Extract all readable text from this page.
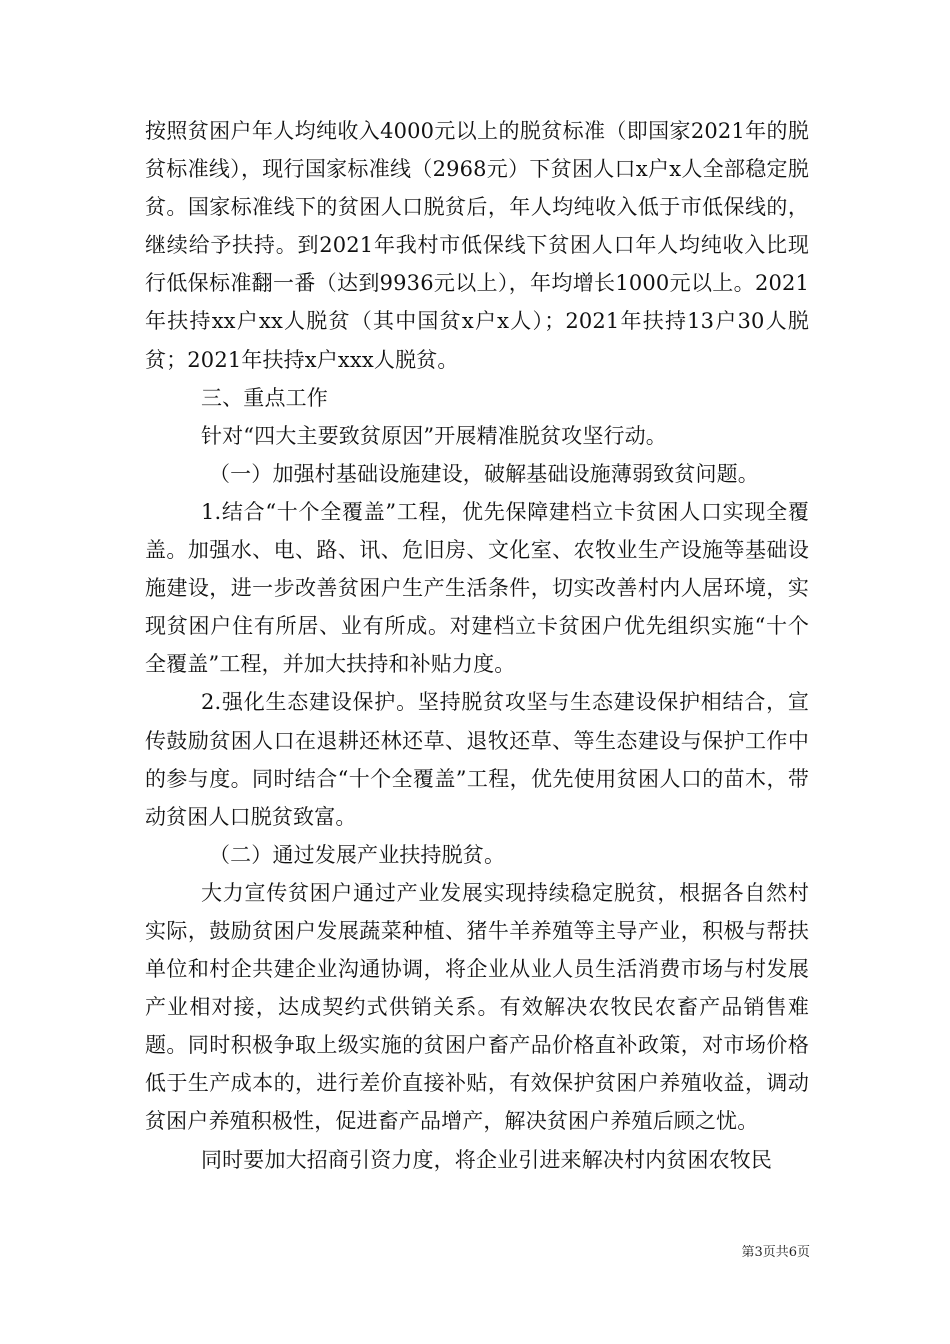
按照贫困户年人均纯收入4000元以上的脱贫标准（即国家2021年的脱贫标准线），现行国家标准线（2968元）下贫困人口x户x人全部稳定脱贫。国家标准线下的贫困人口脱贫后，年人均纯收入低于市低保线的，继续给予扶持。到2021年我村市低保线下贫困人口年人均纯收入比现行低保标准翻一番（达到9936元以上），年均增长1000元以上。2021年扶持xx户xx人脱贫（其中国贫x户x人）；2021年扶持13户30人脱贫；2021年扶持x户xxx人脱贫。

三、重点工作

针对“四大主要致贫原因”开展精准脱贫攻坚行动。

（一）加强村基础设施建设，破解基础设施薄弱致贫问题。

1.结合“十个全覆盖”工程，优先保障建档立卡贫困人口实现全覆盖。加强水、电、路、讯、危旧房、文化室、农牧业生产设施等基础设施建设，进一步改善贫困户生产生活条件，切实改善村内人居环境，实现贫困户住有所居、业有所成。对建档立卡贫困户优先组织实施“十个全覆盖”工程，并加大扶持和补贴力度。

2.强化生态建设保护。坚持脱贫攻坚与生态建设保护相结合，宣传鼓励贫困人口在退耕还林还草、退牧还草、等生态建设与保护工作中的参与度。同时结合“十个全覆盖”工程，优先使用贫困人口的苗木，带动贫困人口脱贫致富。

（二）通过发展产业扶持脱贫。

大力宣传贫困户通过产业发展实现持续稳定脱贫，根据各自然村实际，鼓励贫困户发展蔬菜种植、猪牛羊养殖等主导产业，积极与帮扶单位和村企共建企业沟通协调，将企业从业人员生活消费市场与村发展产业相对接，达成契约式供销关系。有效解决农牧民农畜产品销售难题。同时积极争取上级实施的贫困户畜产品价格直补政策，对市场价格低于生产成本的，进行差价直接补贴，有效保护贫困户养殖收益，调动贫困户养殖积极性，促进畜产品增产，解决贫困户养殖后顾之忧。

同时要加大招商引资力度，将企业引进来解决村内贫困农牧民

第3页共6页
